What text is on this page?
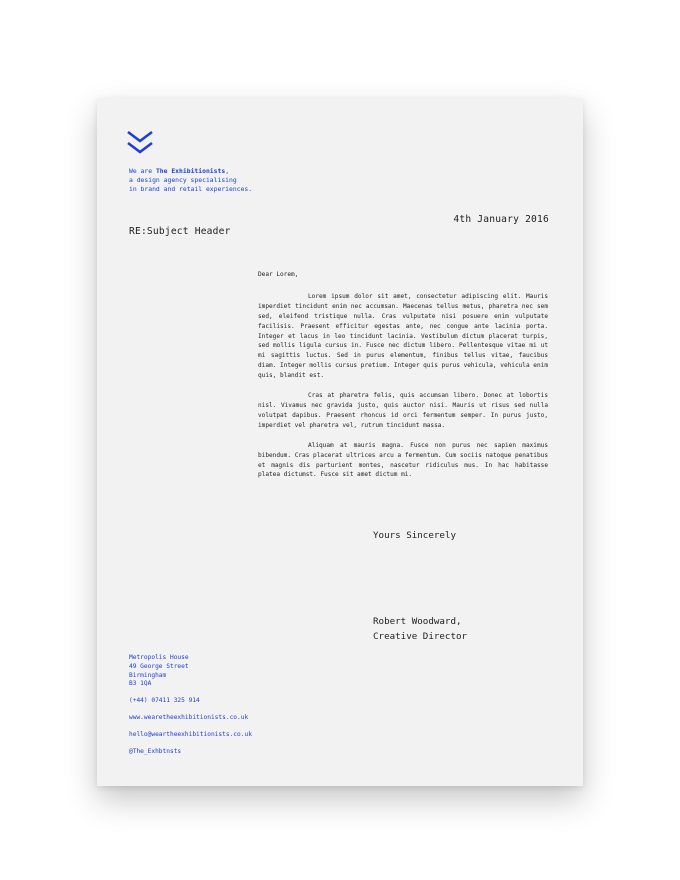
We are The Exhibitionists,
a design agency specialising
in brand and retail experiences.
4th January 2016
RE:Subject Header

Dear Lorem,

Lorem ipsum dolor sit amet, consectetur adipiscing elit. Mauris imperdiet tincidunt enim nec accumsan. Maecenas tellus metus, pharetra nec sem sed, eleifend tristique nulla. Cras vulputate nisi posuere enim vulputate facilisis. Praesent efficitur egestas ante, nec congue ante lacinia porta. Integer et lacus in leo tincidunt lacinia. Vestibulum dictum placerat turpis, sed mollis ligula cursus in. Fusce nec dictum libero. Pellentesque vitae mi ut mi sagittis luctus. Sed in purus elementum, finibus tellus vitae, faucibus diam. Integer mollis cursus pretium. Integer quis purus vehicula, vehicula enim quis, blandit est.

Cras at pharetra felis, quis accumsan libero. Donec at lobortis nisl. Vivamus nec gravida justo, quis auctor nisi. Mauris ut risus sed nulla volutpat dapibus. Praesent rhoncus id orci fermentum semper. In purus justo, imperdiet vel pharetra vel, rutrum tincidunt massa.

Aliquam at mauris magna. Fusce non purus nec sapien maximus bibendum. Cras placerat ultrices arcu a fermentum. Cum sociis natoque penatibus et magnis dis parturient montes, nascetur ridiculus mus. In hac habitasse platea dictumst. Fusce sit amet dictum mi.

Yours Sincerely
Robert Woodward,
Creative Director
Metropolis House
49 George Street
Birmingham
B3 1QA
(+44) 07411 325 914
www.wearetheexhibitionists.co.uk
hello@weartheexhibitionists.co.uk
@The_Exhbtnsts
